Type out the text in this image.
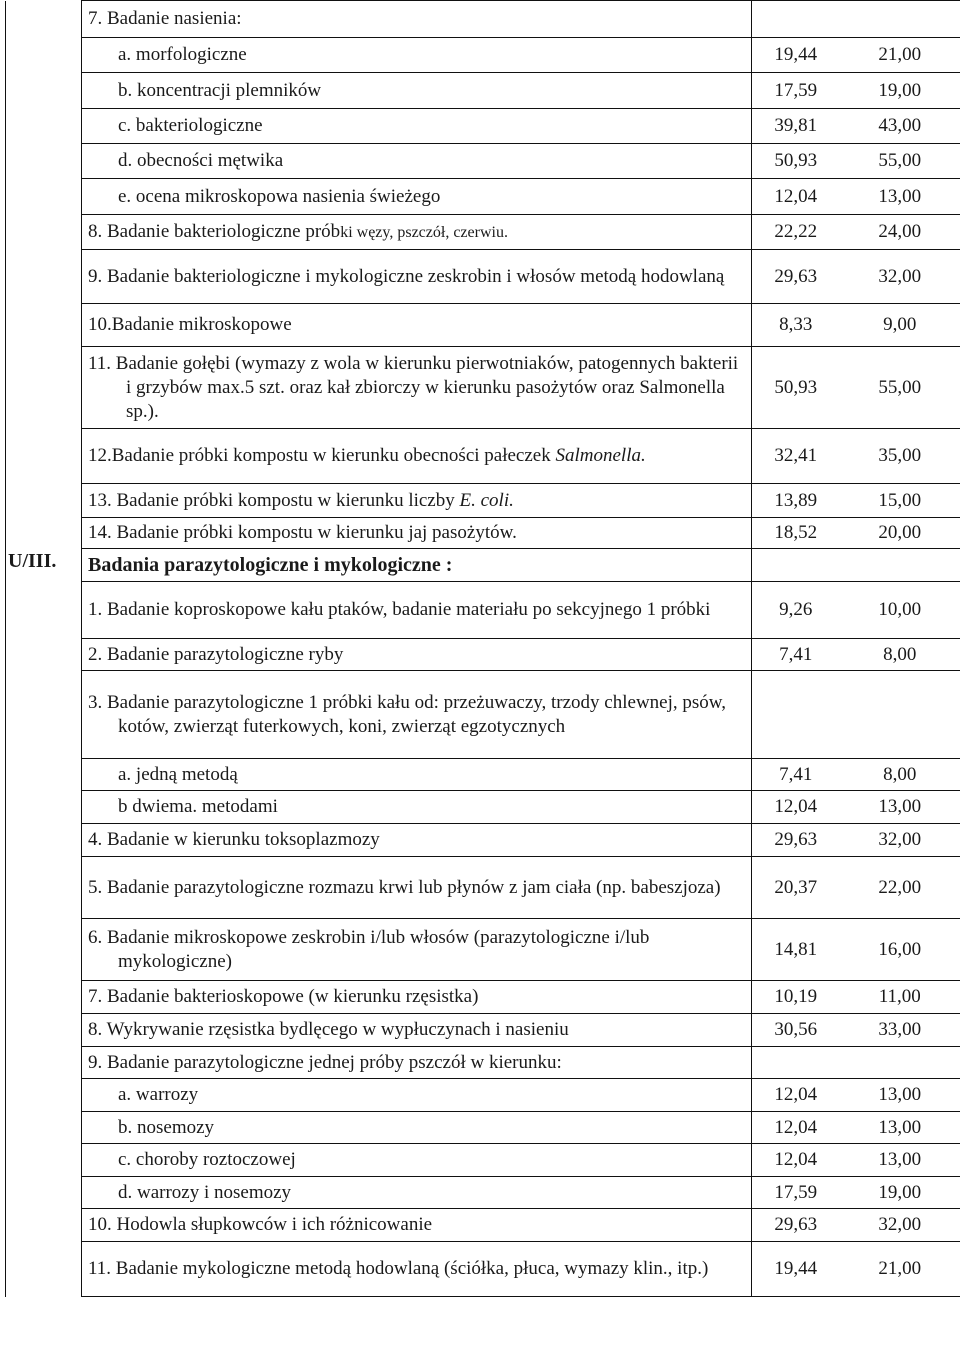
	7. Badanie nasienia:		

	a. morfologiczne	19,44	21,00

	b. koncentracji plemników	17,59	19,00

	c. bakteriologiczne	39,81	43,00

	d. obecności mętwika	50,93	55,00

	e. ocena mikroskopowa nasienia świeżego	12,04	13,00
	8. Badanie bakteriologiczne próbki węzy, pszczół, czerwiu.	22,22	24,00

	9. Badanie bakteriologiczne i mykologiczne zeskrobin i włosów metodą hodowlaną	29,63	32,00
	10.Badanie mikroskopowe	8,33	9,00

	11. Badanie gołębi (wymazy z wola w kierunku pierwotniaków, patogennych bakterii i grzybów max.5 szt. oraz kał zbiorczy w kierunku pasożytów oraz Salmonella sp.).	50,93	55,00

	12.Badanie próbki kompostu w kierunku obecności pałeczek Salmonella.	32,41	35,00
	13. Badanie próbki kompostu w kierunku liczby E. coli.	13,89	15,00
	14. Badanie próbki kompostu w kierunku jaj pasożytów.	18,52	20,00
U/III.	Badania parazytologiczne i mykologiczne :		

	1. Badanie koproskopowe kału ptaków, badanie materiału po sekcyjnego 1 próbki	9,26	10,00
	2. Badanie parazytologiczne ryby	7,41	8,00

	3. Badanie parazytologiczne 1 próbki kału od: przeżuwaczy, trzody chlewnej, psów, kotów, zwierząt futerkowych, koni, zwierząt egzotycznych		

	a. jedną metodą	7,41	8,00

	b dwiema. metodami	12,04	13,00
	4. Badanie w kierunku toksoplazmozy	29,63	32,00

	5. Badanie parazytologiczne rozmazu krwi lub płynów z jam ciała (np. babeszjoza)	20,37	22,00

	6. Badanie mikroskopowe zeskrobin i/lub włosów (parazytologiczne i/lub mykologiczne)	14,81	16,00
	7. Badanie bakterioskopowe (w kierunku rzęsistka)	10,19	11,00
	8. Wykrywanie rzęsistka bydlęcego w wypłuczynach i nasieniu	30,56	33,00
	9. Badanie parazytologiczne jednej próby pszczół w kierunku:		

	a. warrozy	12,04	13,00

	b. nosemozy	12,04	13,00

	c. choroby roztoczowej	12,04	13,00

	d. warrozy i nosemozy	17,59	19,00
	10. Hodowla słupkowców i ich różnicowanie	29,63	32,00

	11. Badanie mykologiczne metodą hodowlaną (ściółka, płuca, wymazy klin., itp.)	19,44	21,00
